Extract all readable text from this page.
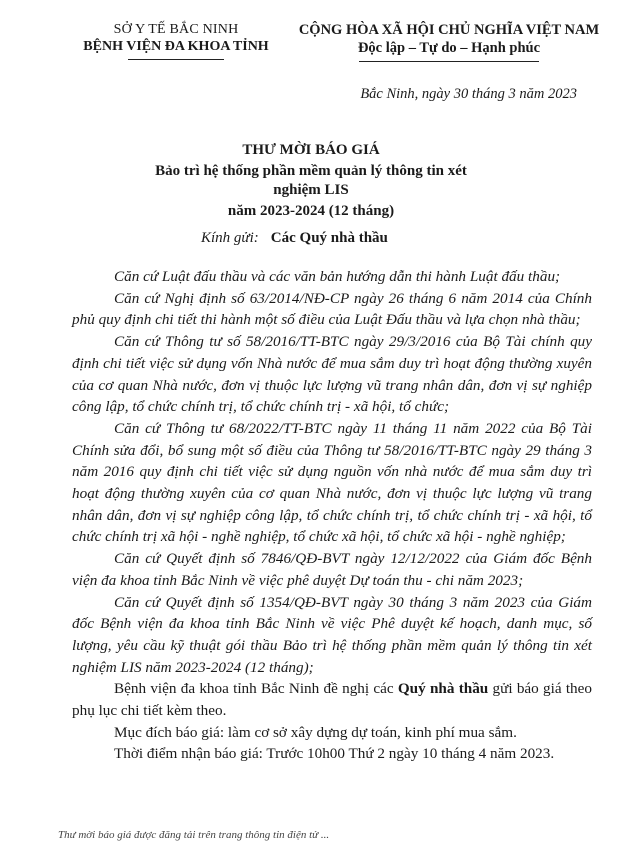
SỞ Y TẾ BẮC NINH
BỆNH VIỆN ĐA KHOA TỈNH
CỘNG HÒA XÃ HỘI CHỦ NGHĨA VIỆT NAM
Độc lập – Tự do – Hạnh phúc
Bắc Ninh, ngày 30 tháng 3 năm 2023
THƯ MỜI BÁO GIÁ
Bảo trì hệ thống phần mềm quản lý thông tin xét nghiệm LIS
năm 2023-2024 (12 tháng)
Kính gửi: Các Quý nhà thầu

Căn cứ Luật đấu thầu và các văn bản hướng dẫn thi hành Luật đấu thầu;

Căn cứ Nghị định số 63/2014/NĐ-CP ngày 26 tháng 6 năm 2014 của Chính phủ quy định chi tiết thi hành một số điều của Luật Đấu thầu và lựa chọn nhà thầu;

Căn cứ Thông tư số 58/2016/TT-BTC ngày 29/3/2016 của Bộ Tài chính quy định chi tiết việc sử dụng vốn Nhà nước để mua sắm duy trì hoạt động thường xuyên của cơ quan Nhà nước, đơn vị thuộc lực lượng vũ trang nhân dân, đơn vị sự nghiệp công lập, tổ chức chính trị, tổ chức chính trị - xã hội, tổ chức;

Căn cứ Thông tư 68/2022/TT-BTC ngày 11 tháng 11 năm 2022 của Bộ Tài Chính sửa đổi, bổ sung một số điều của Thông tư 58/2016/TT-BTC ngày 29 tháng 3 năm 2016 quy định chi tiết việc sử dụng nguồn vốn nhà nước để mua sắm duy trì hoạt động thường xuyên của cơ quan Nhà nước, đơn vị thuộc lực lượng vũ trang nhân dân, đơn vị sự nghiệp công lập, tổ chức chính trị, tổ chức chính trị - xã hội, tổ chức chính trị xã hội - nghề nghiệp, tổ chức xã hội, tổ chức xã hội - nghề nghiệp;

Căn cứ Quyết định số 7846/QĐ-BVT ngày 12/12/2022 của Giám đốc Bệnh viện đa khoa tỉnh Bắc Ninh về việc phê duyệt Dự toán thu - chi năm 2023;

Căn cứ Quyết định số 1354/QĐ-BVT ngày 30 tháng 3 năm 2023 của Giám đốc Bệnh viện đa khoa tỉnh Bắc Ninh về việc Phê duyệt kế hoạch, danh mục, số lượng, yêu cầu kỹ thuật gói thầu Bảo trì hệ thống phần mềm quản lý thông tin xét nghiệm LIS năm 2023-2024 (12 tháng);

Bệnh viện đa khoa tỉnh Bắc Ninh đề nghị các Quý nhà thầu gửi báo giá theo phụ lục chi tiết kèm theo.

Mục đích báo giá: làm cơ sở xây dựng dự toán, kinh phí mua sắm.

Thời điểm nhận báo giá: Trước 10h00 Thứ 2 ngày 10 tháng 4 năm 2023.

Thư mời báo giá được đăng tải trên trang thông tin điện tử ...
